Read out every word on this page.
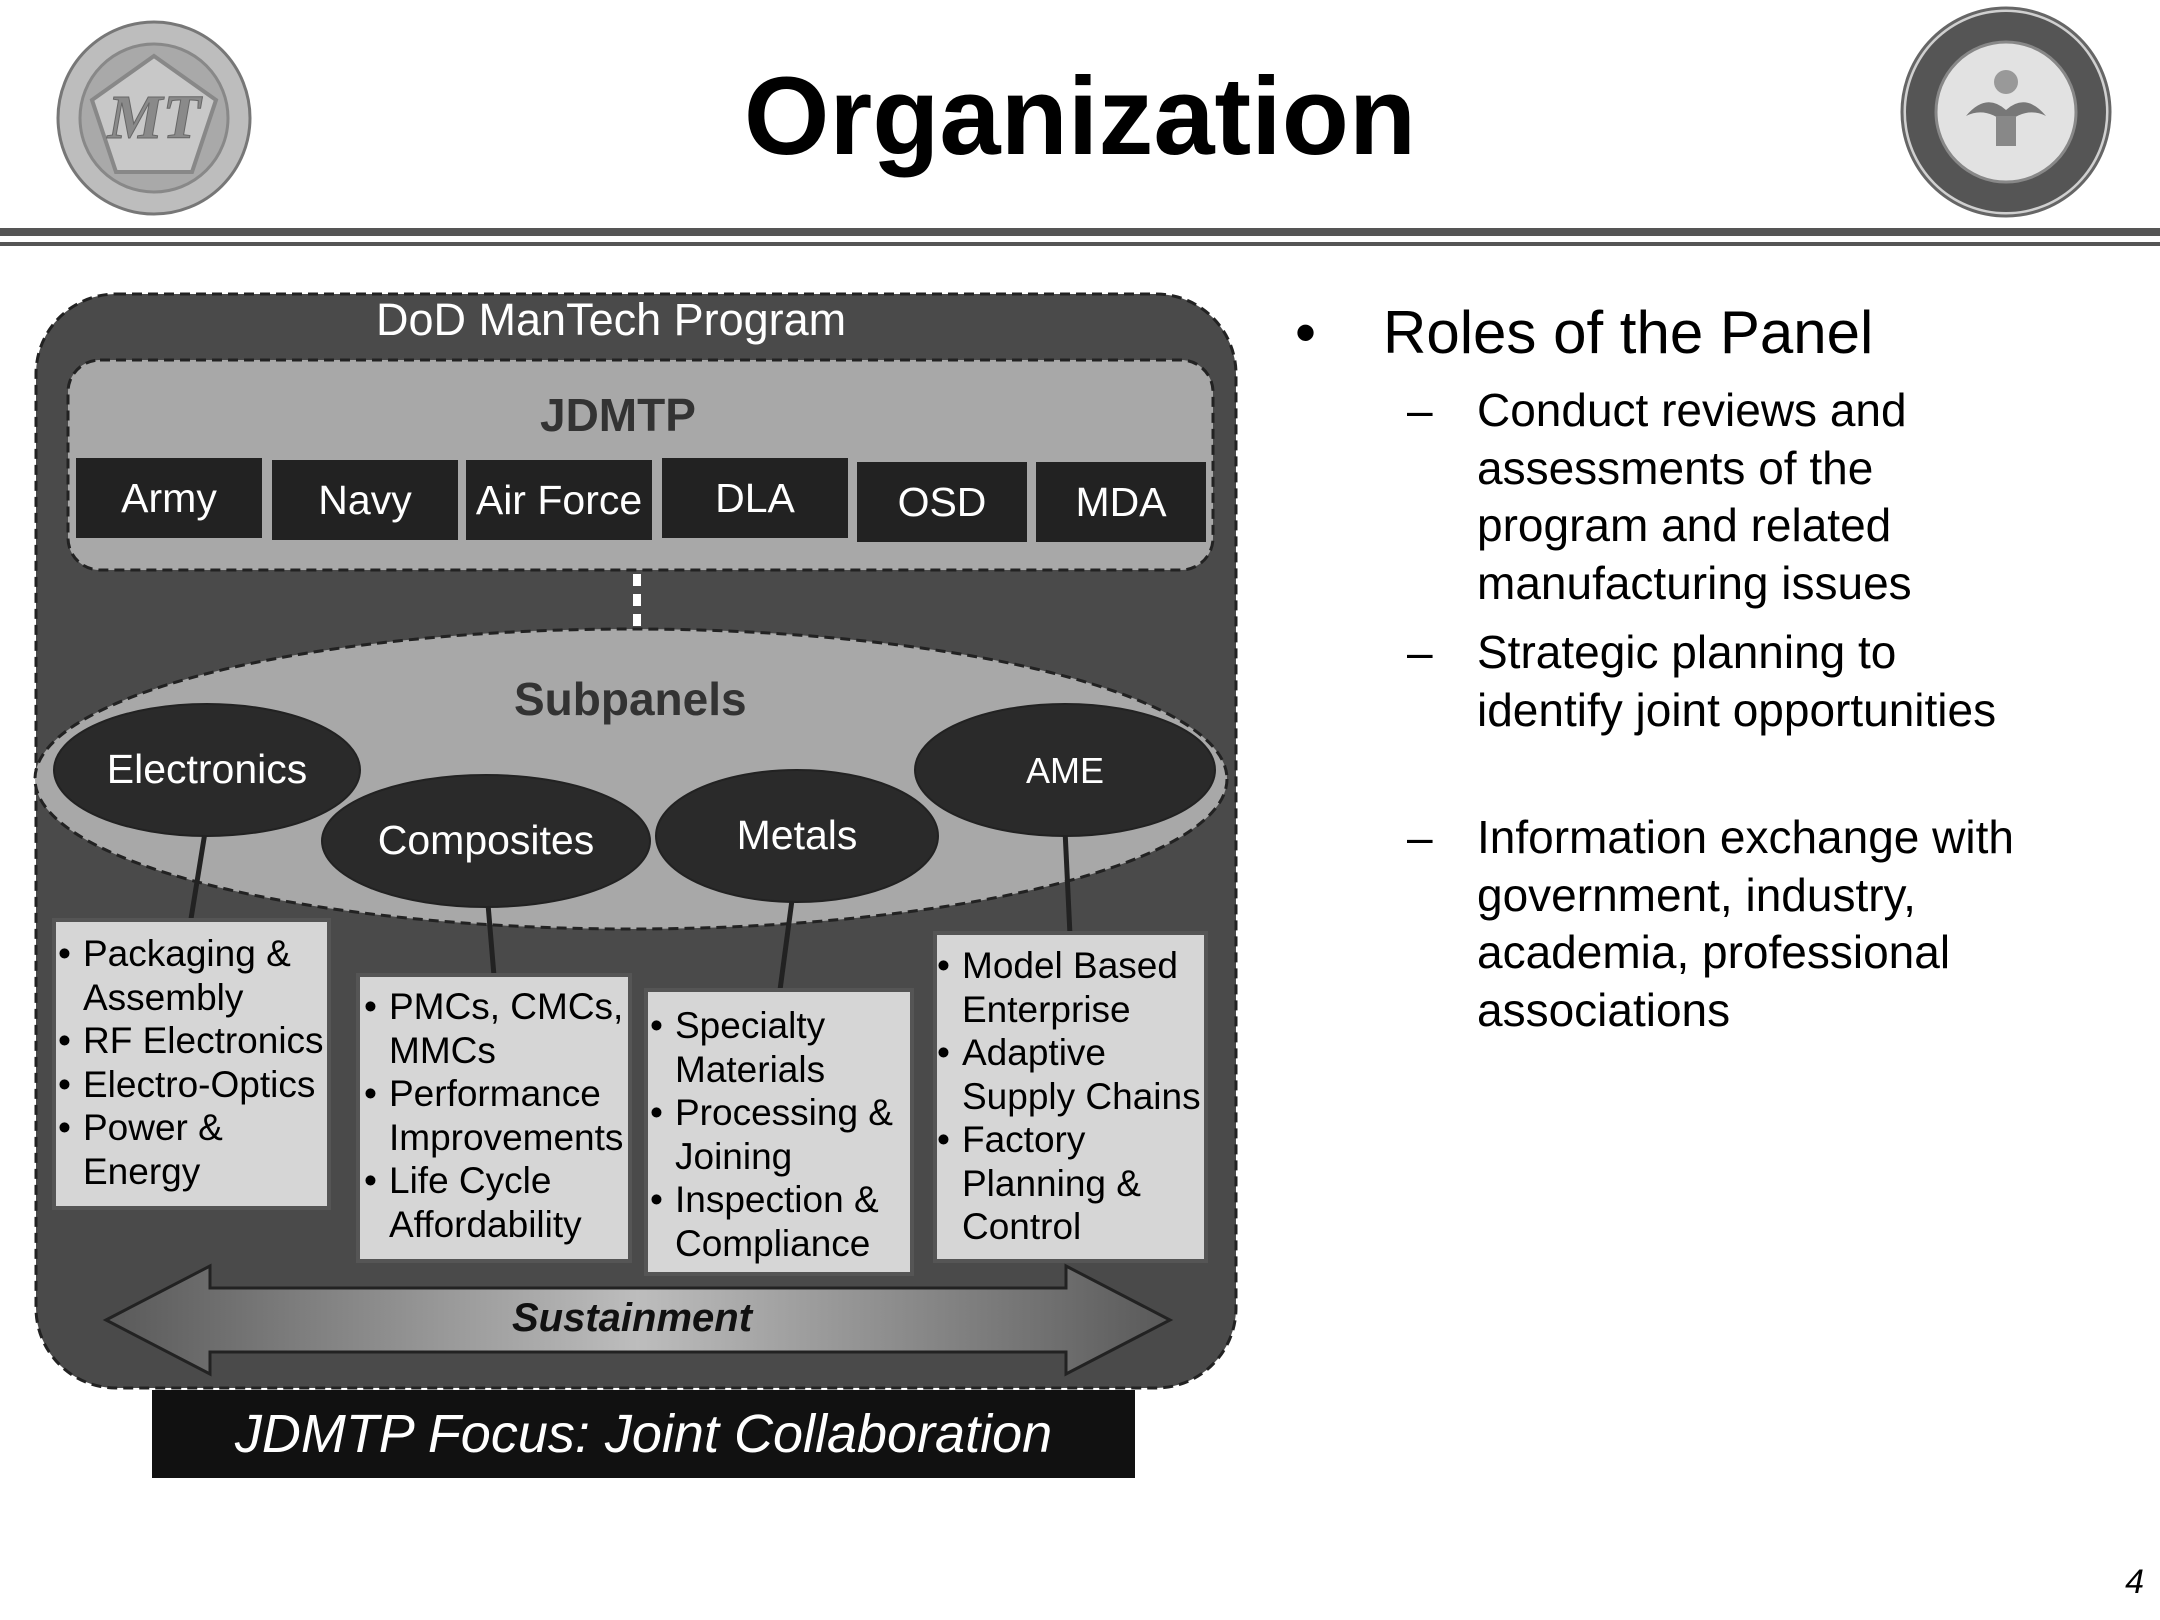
Organization
MT
DoD ManTech Program
JDMTP
Army	Navy	Air Force	DLA	OSD	MDA
Subpanels
Electronics
Composites	Metals
AME
• Packaging & Assembly
• RF Electronics
• Electro-Optics
• Power & Energy
• PMCs, CMCs, MMCs
• Performance Improvements
• Life Cycle Affordability
• Specialty Materials
• Processing & Joining
• Inspection & Compliance
• Model Based Enterprise
• Adaptive Supply Chains
• Factory Planning & Control
Sustainment
JDMTP Focus: Joint Collaboration
• Roles of the Panel
– Conduct reviews and assessments of the program and related manufacturing issues
– Strategic planning to identify joint opportunities
– Information exchange with government, industry, academia, professional associations
4
